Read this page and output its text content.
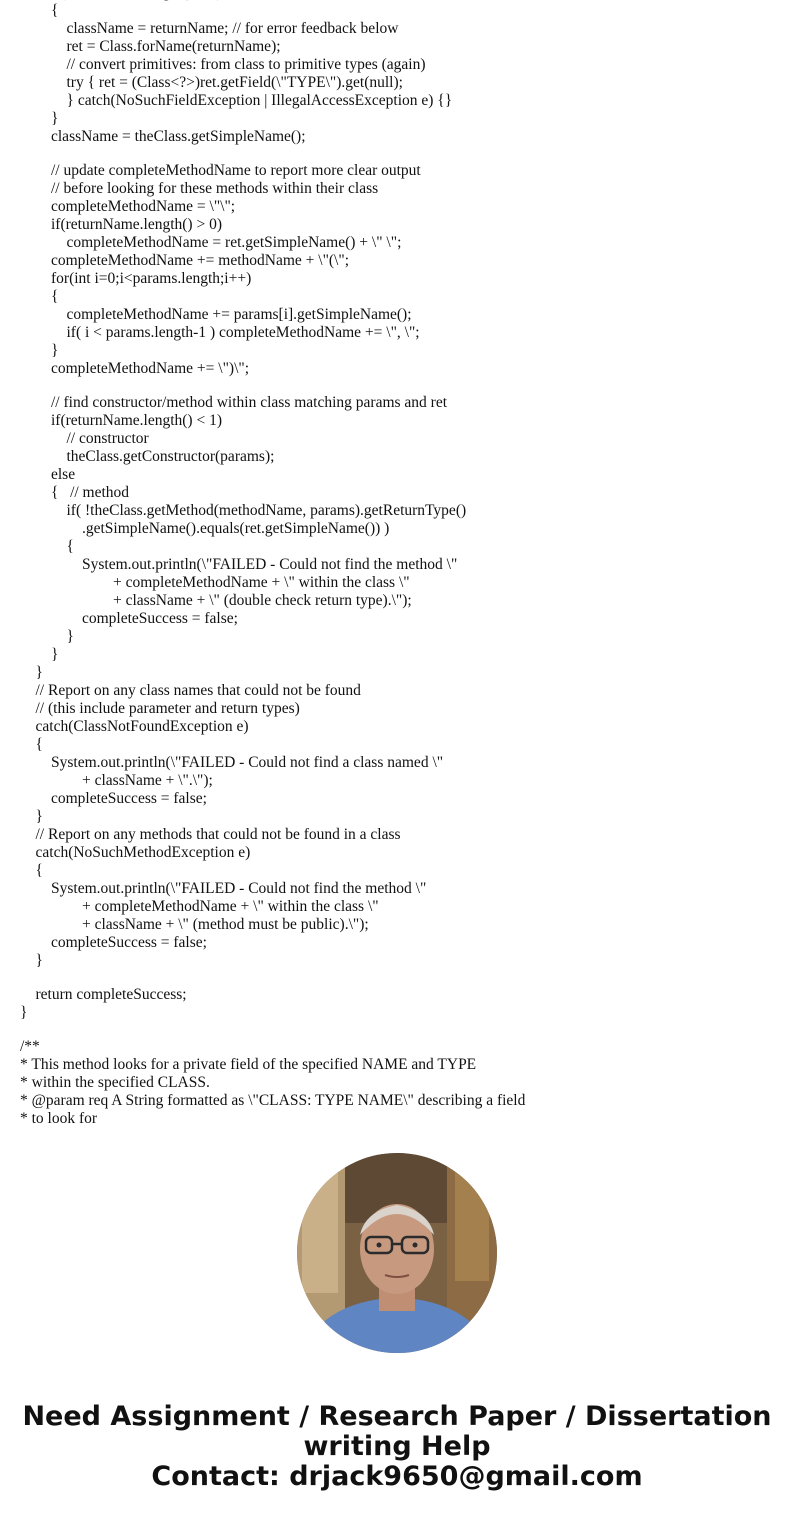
{
className = returnName; // for error feedback below
ret = Class.forName(returnName);
// convert primitives: from class to primitive types (again)
try { ret = (Class<?>)ret.getField(\"TYPE\").get(null);
} catch(NoSuchFieldException | IllegalAccessException e) {}
}
className = theClass.getSimpleName();
// update completeMethodName to report more clear output
// before looking for these methods within their class
completeMethodName = \"\";
if(returnName.length() > 0)
completeMethodName = ret.getSimpleName() + \" \";
completeMethodName += methodName + \"(\";
for(int i=0;i<params.length;i++)
{
completeMethodName += params[i].getSimpleName();
if( i < params.length-1 ) completeMethodName += \", \";
}
completeMethodName += \")\";
// find constructor/method within class matching params and ret
if(returnName.length() < 1)
// constructor
theClass.getConstructor(params);
else
{   // method
if( !theClass.getMethod(methodName, params).getReturnType()
.getSimpleName().equals(ret.getSimpleName()) )
{
System.out.println(\"FAILED - Could not find the method \"
+ completeMethodName + \" within the class \"
+ className + \" (double check return type).\");
completeSuccess = false;
}
}
}
// Report on any class names that could not be found
// (this include parameter and return types)
catch(ClassNotFoundException e)
{
System.out.println(\"FAILED - Could not find a class named \"
+ className + \".\");
completeSuccess = false;
}
// Report on any methods that could not be found in a class
catch(NoSuchMethodException e)
{
System.out.println(\"FAILED - Could not find the method \"
+ completeMethodName + \" within the class \"
+ className + \" (method must be public).\");
completeSuccess = false;
}
return completeSuccess;
}
/**
* This method looks for a private field of the specified NAME and TYPE
* within the specified CLASS.
* @param req A String formatted as \"CLASS: TYPE NAME\" describing a field
* to look for
Need Assignment / Research Paper / Dissertation
writing Help
Contact: drjack9650@gmail.com
